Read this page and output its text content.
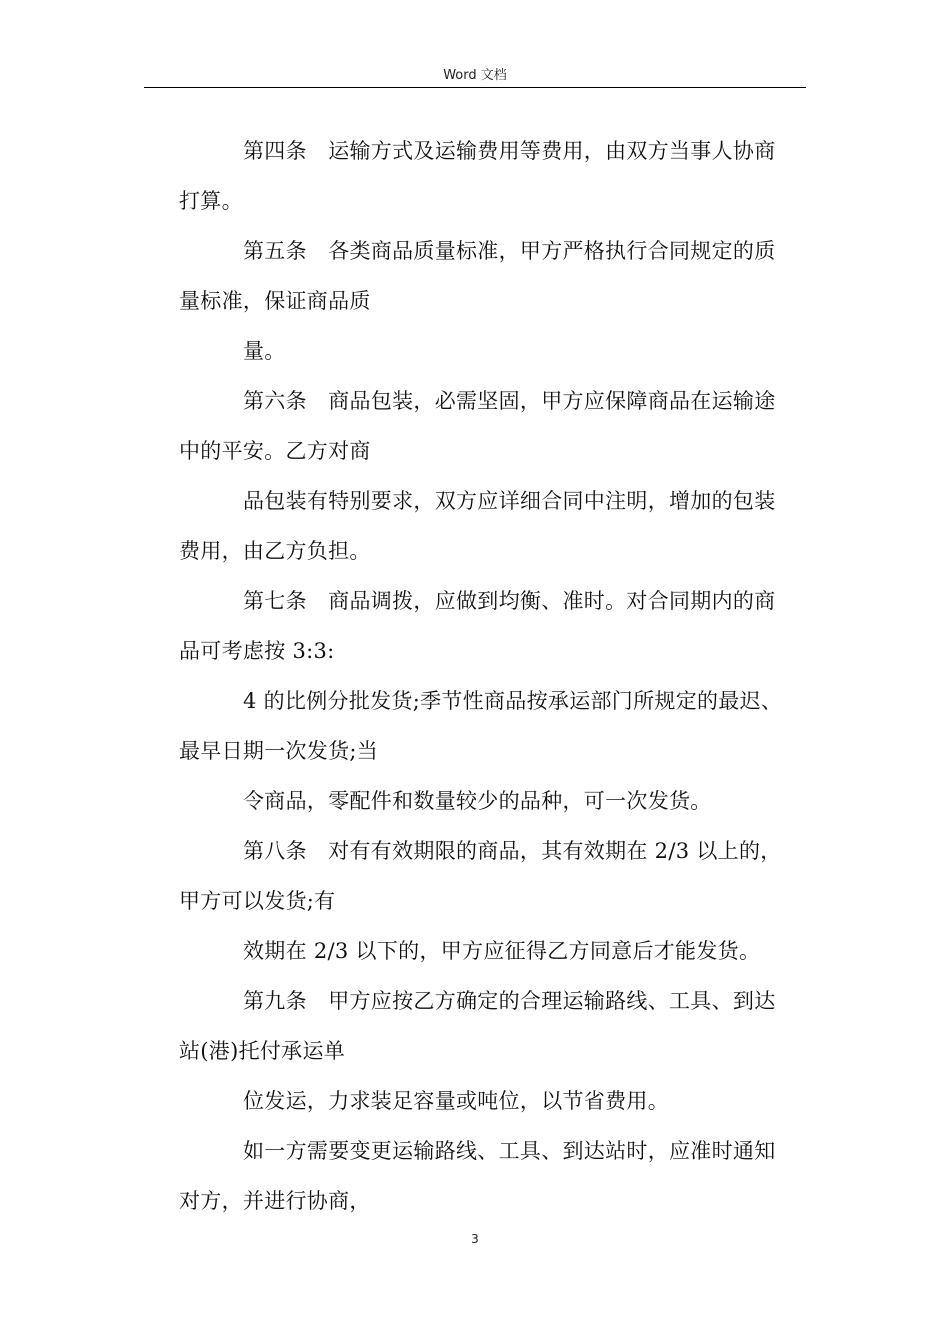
Word 文档
第四条　运输方式及运输费用等费用，由双方当事人协商
打算。
第五条　各类商品质量标准，甲方严格执行合同规定的质
量标准，保证商品质
量。
第六条　商品包装，必需坚固，甲方应保障商品在运输途
中的平安。乙方对商
品包装有特别要求，双方应详细合同中注明，增加的包装
费用，由乙方负担。
第七条　商品调拨，应做到均衡、准时。对合同期内的商
品可考虑按 3:3:
4 的比例分批发货;季节性商品按承运部门所规定的最迟、
最早日期一次发货;当
令商品，零配件和数量较少的品种，可一次发货。
第八条　对有有效期限的商品，其有效期在 2/3 以上的，
甲方可以发货;有
效期在 2/3 以下的，甲方应征得乙方同意后才能发货。
第九条　甲方应按乙方确定的合理运输路线、工具、到达
站(港)托付承运单
位发运，力求装足容量或吨位，以节省费用。
如一方需要变更运输路线、工具、到达站时，应准时通知
对方，并进行协商，
3
